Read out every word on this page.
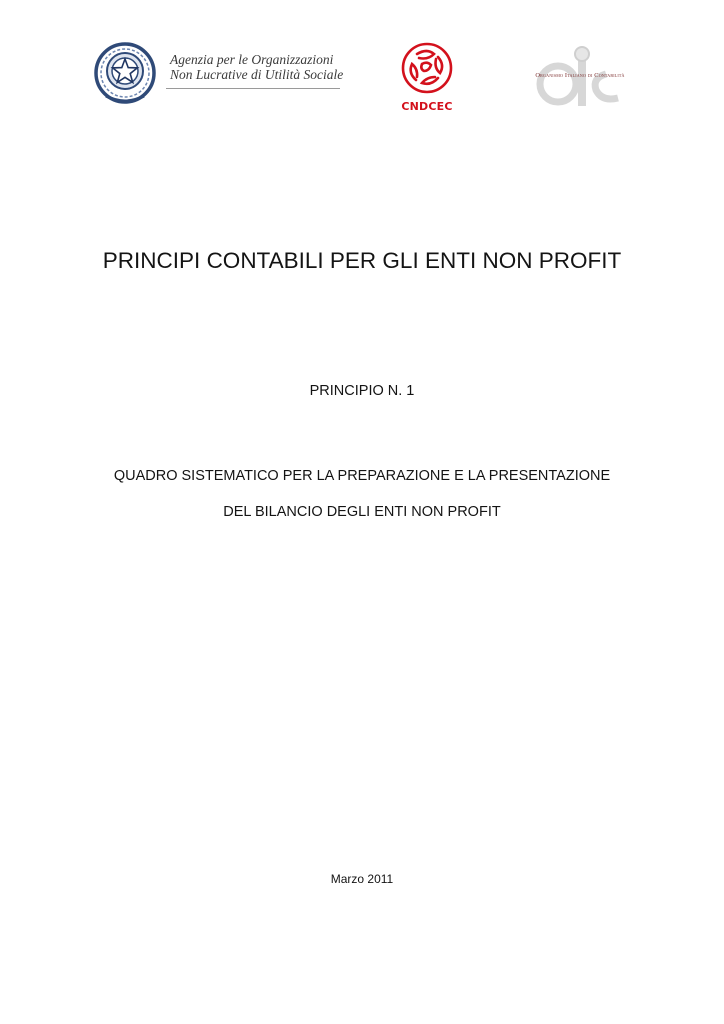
Agenzia per le Organizzazioni
Non Lucrative di Utilità Sociale
CNDCEC
Organismo Italiano di Contabilità
PRINCIPI CONTABILI PER GLI ENTI NON PROFIT
PRINCIPIO N. 1
QUADRO SISTEMATICO PER LA PREPARAZIONE E LA PRESENTAZIONE
DEL BILANCIO DEGLI ENTI NON PROFIT
Marzo 2011
